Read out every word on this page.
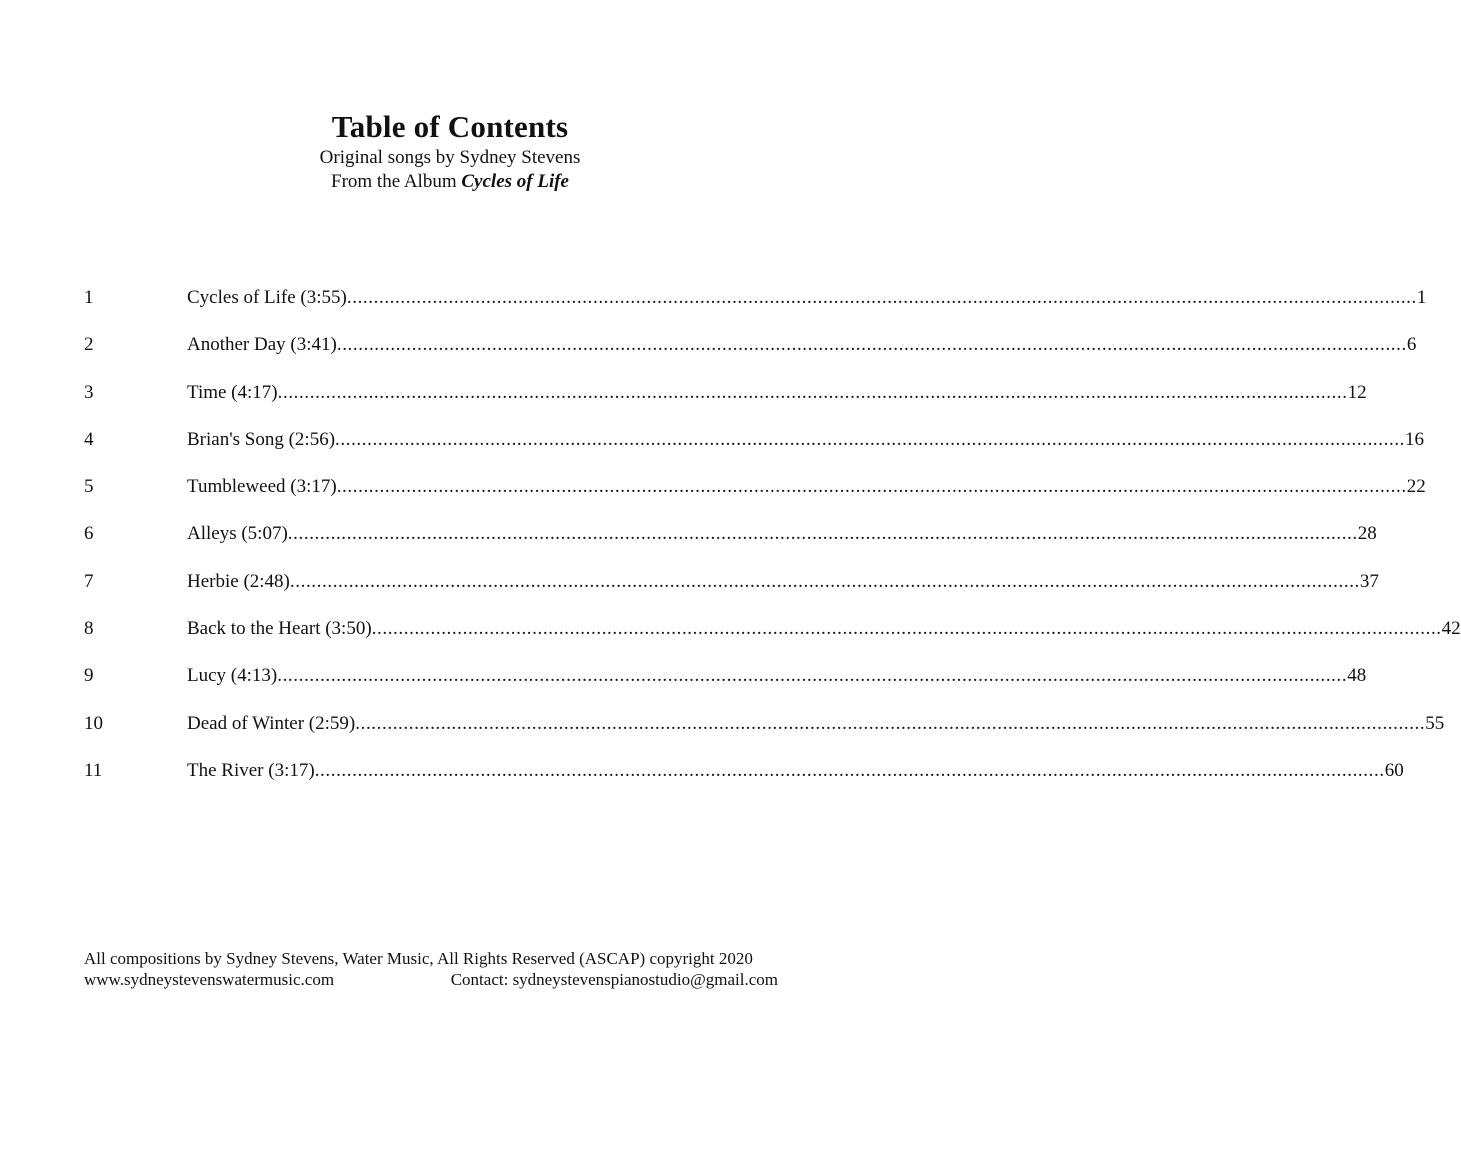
Table of Contents

Original songs by Sydney Stevens

From the Album Cycles of Life

1	Cycles of Life (3:55) ........................................................................................................................................................................................................ 1
2	Another Day (3:41) ........................................................................................................................................................................................................ 6
3	Time (4:17) ........................................................................................................................................................................................................ 12
4	Brian's Song (2:56) ........................................................................................................................................................................................................ 16
5	Tumbleweed (3:17) ........................................................................................................................................................................................................ 22
6	Alleys (5:07) ........................................................................................................................................................................................................ 28
7	Herbie (2:48) ........................................................................................................................................................................................................ 37
8	Back to the Heart (3:50) ........................................................................................................................................................................................................ 42
9	Lucy (4:13) ........................................................................................................................................................................................................ 48
10	Dead of Winter (2:59) ........................................................................................................................................................................................................ 55
11	The River (3:17) ........................................................................................................................................................................................................ 60
All compositions by Sydney Stevens, Water Music, All Rights Reserved (ASCAP) copyright 2020
www.sydneystevenswatermusic.com	Contact: sydneystevenspianostudio@gmail.com
